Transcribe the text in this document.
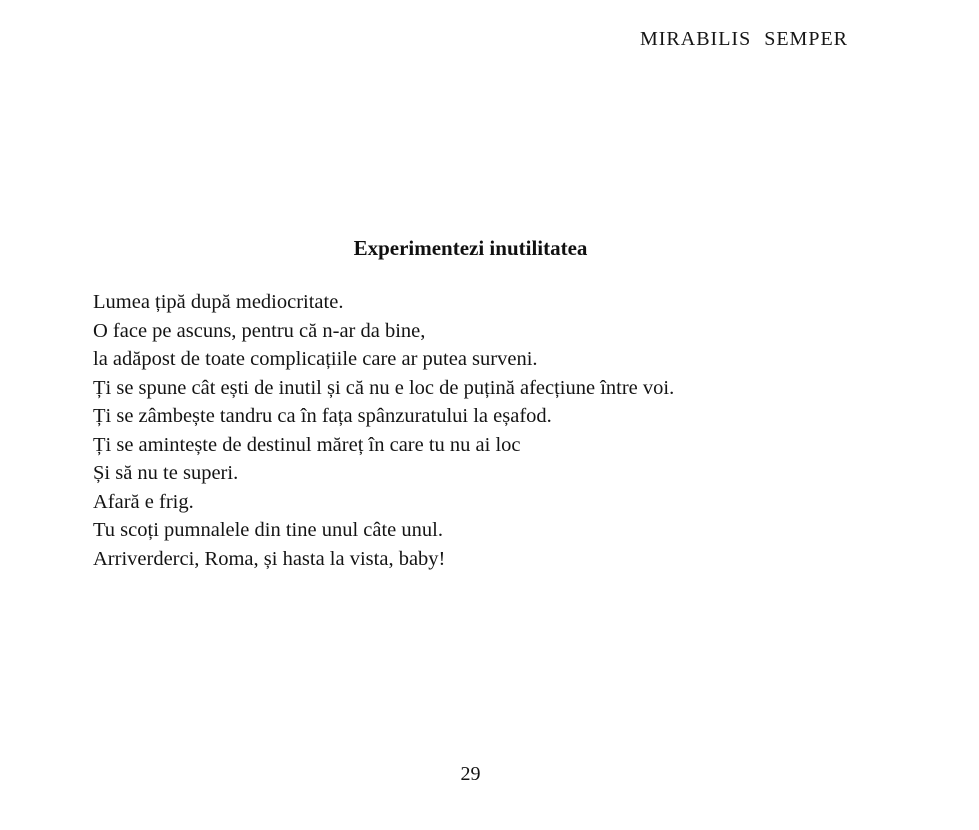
MIRABILIS SEMPER
Experimentezi inutilitatea
Lumea țipă după mediocritate.
O face pe ascuns, pentru că n-ar da bine,
la adăpost de toate complicațiile care ar putea surveni.
Ți se spune cât ești de inutil și că nu e loc de puțină afecțiune între voi.
Ți se zâmbește tandru ca în fața spânzuratului la eșafod.
Ți se amintește de destinul măreț în care tu nu ai loc
Și să nu te superi.
Afară e frig.
Tu scoți pumnalele din tine unul câte unul.
Arriverderci, Roma, și hasta la vista, baby!
29
